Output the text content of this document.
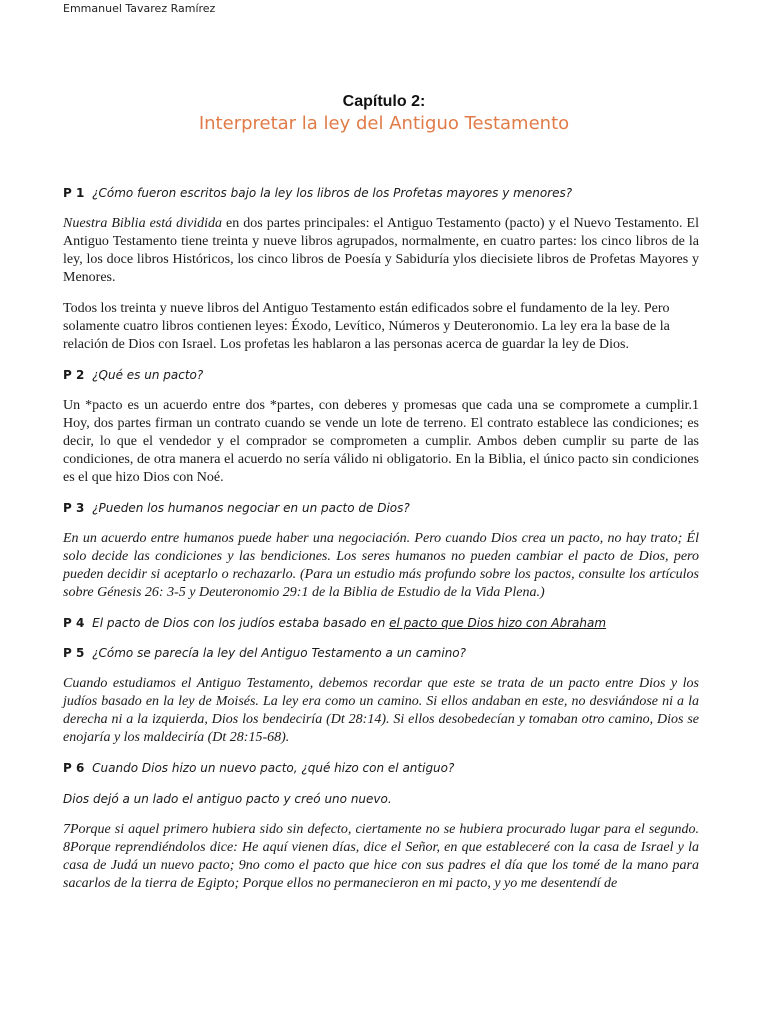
Emmanuel Tavarez Ramírez
Capítulo 2:
Interpretar la ley del Antiguo Testamento

P 1 ¿Cómo fueron escritos bajo la ley los libros de los Profetas mayores y menores?

Nuestra Biblia está dividida en dos partes principales: el Antiguo Testamento (pacto) y el Nuevo Testamento. El Antiguo Testamento tiene treinta y nueve libros agrupados, normalmente, en cuatro partes: los cinco libros de la ley, los doce libros Históricos, los cinco libros de Poesía y Sabiduría ylos diecisiete libros de Profetas Mayores y Menores.

Todos los treinta y nueve libros del Antiguo Testamento están edificados sobre el fundamento de la ley. Pero solamente cuatro libros contienen leyes: Éxodo, Levítico, Números y Deuteronomio. La ley era la base de la relación de Dios con Israel. Los profetas les hablaron a las personas acerca de guardar la ley de Dios.

P 2 ¿Qué es un pacto?

Un *pacto es un acuerdo entre dos *partes, con deberes y promesas que cada una se compromete a cumplir.1 Hoy, dos partes firman un contrato cuando se vende un lote de terreno. El contrato establece las condiciones; es decir, lo que el vendedor y el comprador se comprometen a cumplir. Ambos deben cumplir su parte de las condiciones, de otra manera el acuerdo no sería válido ni obligatorio. En la Biblia, el único pacto sin condiciones es el que hizo Dios con Noé.

P 3 ¿Pueden los humanos negociar en un pacto de Dios?

En un acuerdo entre humanos puede haber una negociación. Pero cuando Dios crea un pacto, no hay trato; Él solo decide las condiciones y las bendiciones. Los seres humanos no pueden cambiar el pacto de Dios, pero pueden decidir si aceptarlo o rechazarlo. (Para un estudio más profundo sobre los pactos, consulte los artículos sobre Génesis 26: 3-5 y Deuteronomio 29:1 de la Biblia de Estudio de la Vida Plena.)

P 4 El pacto de Dios con los judíos estaba basado en el pacto que Dios hizo con Abraham

P 5 ¿Cómo se parecía la ley del Antiguo Testamento a un camino?

Cuando estudiamos el Antiguo Testamento, debemos recordar que este se trata de un pacto entre Dios y los judíos basado en la ley de Moisés. La ley era como un camino. Si ellos andaban en este, no desviándose ni a la derecha ni a la izquierda, Dios los bendeciría (Dt 28:14). Si ellos desobedecían y tomaban otro camino, Dios se enojaría y los maldeciría (Dt 28:15-68).

P 6 Cuando Dios hizo un nuevo pacto, ¿qué hizo con el antiguo?

Dios dejó a un lado el antiguo pacto y creó uno nuevo.

7Porque si aquel primero hubiera sido sin defecto, ciertamente no se hubiera procurado lugar para el segundo. 8Porque reprendiéndolos dice: He aquí vienen días, dice el Señor, en que estableceré con la casa de Israel y la casa de Judá un nuevo pacto; 9no como el pacto que hice con sus padres el día que los tomé de la mano para sacarlos de la tierra de Egipto; Porque ellos no permanecieron en mi pacto, y yo me desentendí de
